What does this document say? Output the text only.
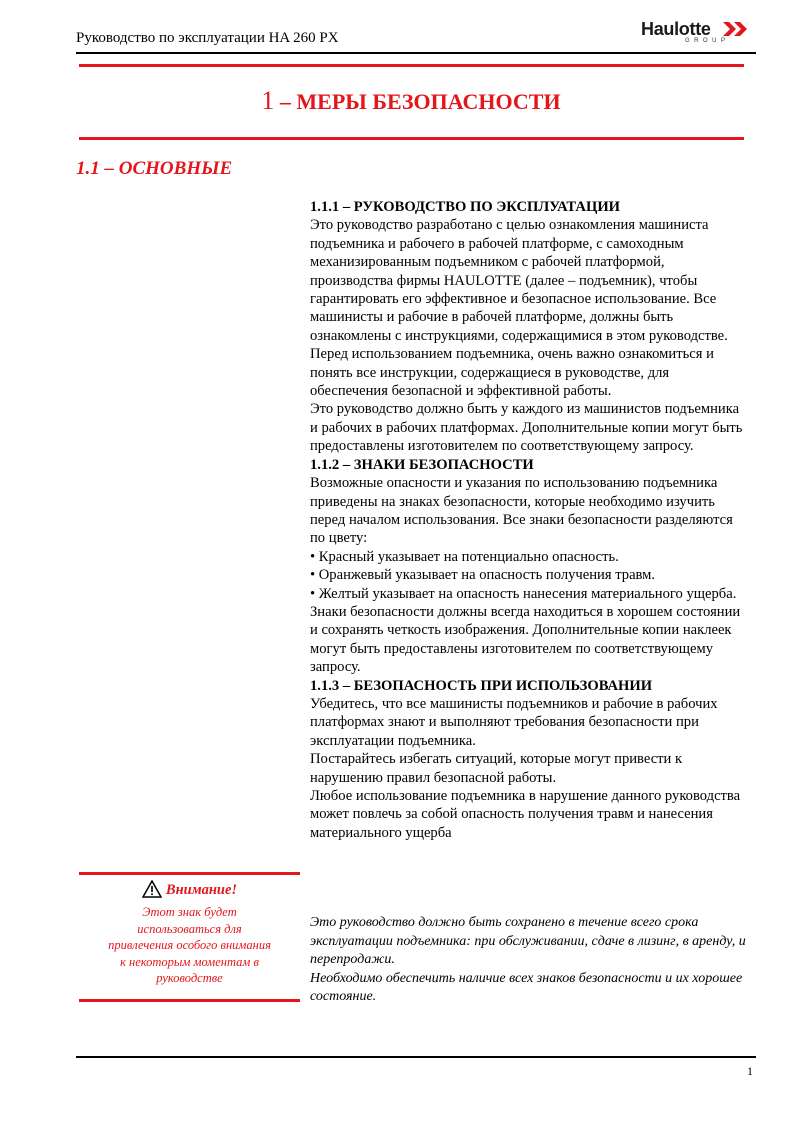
Руководство по эксплуатации HA 260 PX	Haulotte
GROUP
1 – МЕРЫ БЕЗОПАСНОСТИ
1.1 – ОСНОВНЫЕ

1.1.1 – РУКОВОДСТВО ПО ЭКСПЛУАТАЦИИ

Это руководство разработано с целью ознакомления машиниста подъемника и рабочего в рабочей платформе, с самоходным механизированным подъемником с рабочей платформой, производства фирмы HAULOTTE (далее – подъемник), чтобы гарантировать его эффективное и безопасное использование. Все машинисты и рабочие в рабочей платформе, должны быть ознакомлены с инструкциями, содержащимися в этом руководстве. Перед использованием подъемника, очень важно ознакомиться и понять все инструкции, содержащиеся в руководстве, для обеспечения безопасной и эффективной работы.

Это руководство должно быть у каждого из машинистов подъемника и рабочих в рабочих платформах. Дополнительные копии могут быть предоставлены изготовителем по соответствующему запросу.

1.1.2 – ЗНАКИ БЕЗОПАСНОСТИ

Возможные опасности и указания по использованию подъемника приведены на знаках безопасности, которые необходимо изучить перед началом использования. Все знаки безопасности разделяются по цвету:

• Красный указывает на потенциально опасность.

• Оранжевый указывает на опасность получения травм.

• Желтый указывает на опасность нанесения материального ущерба.

Знаки безопасности должны всегда находиться в хорошем состоянии и сохранять четкость изображения. Дополнительные копии наклеек могут быть предоставлены изготовителем по соответствующему запросу.

1.1.3 – БЕЗОПАСНОСТЬ ПРИ ИСПОЛЬЗОВАНИИ

Убедитесь, что все машинисты подъемников и рабочие в рабочих платформах знают и выполняют требования безопасности при эксплуатации подъемника.

Постарайтесь избегать ситуаций, которые могут привести к нарушению правил безопасной работы.

Любое использование подъемника в нарушение данного руководства может повлечь за собой опасность получения травм и нанесения материального ущерба

Это руководство должно быть сохранено в течение всего срока эксплуатации подъемника: при обслуживании, сдаче в лизинг, в аренду, и перепродажи.

Необходимо обеспечить наличие всех знаков безопасности и их хорошее состояние.

Внимание!
Этот знак будет
использоваться для
привлечения особого внимания
к некоторым моментам в
руководстве
1
